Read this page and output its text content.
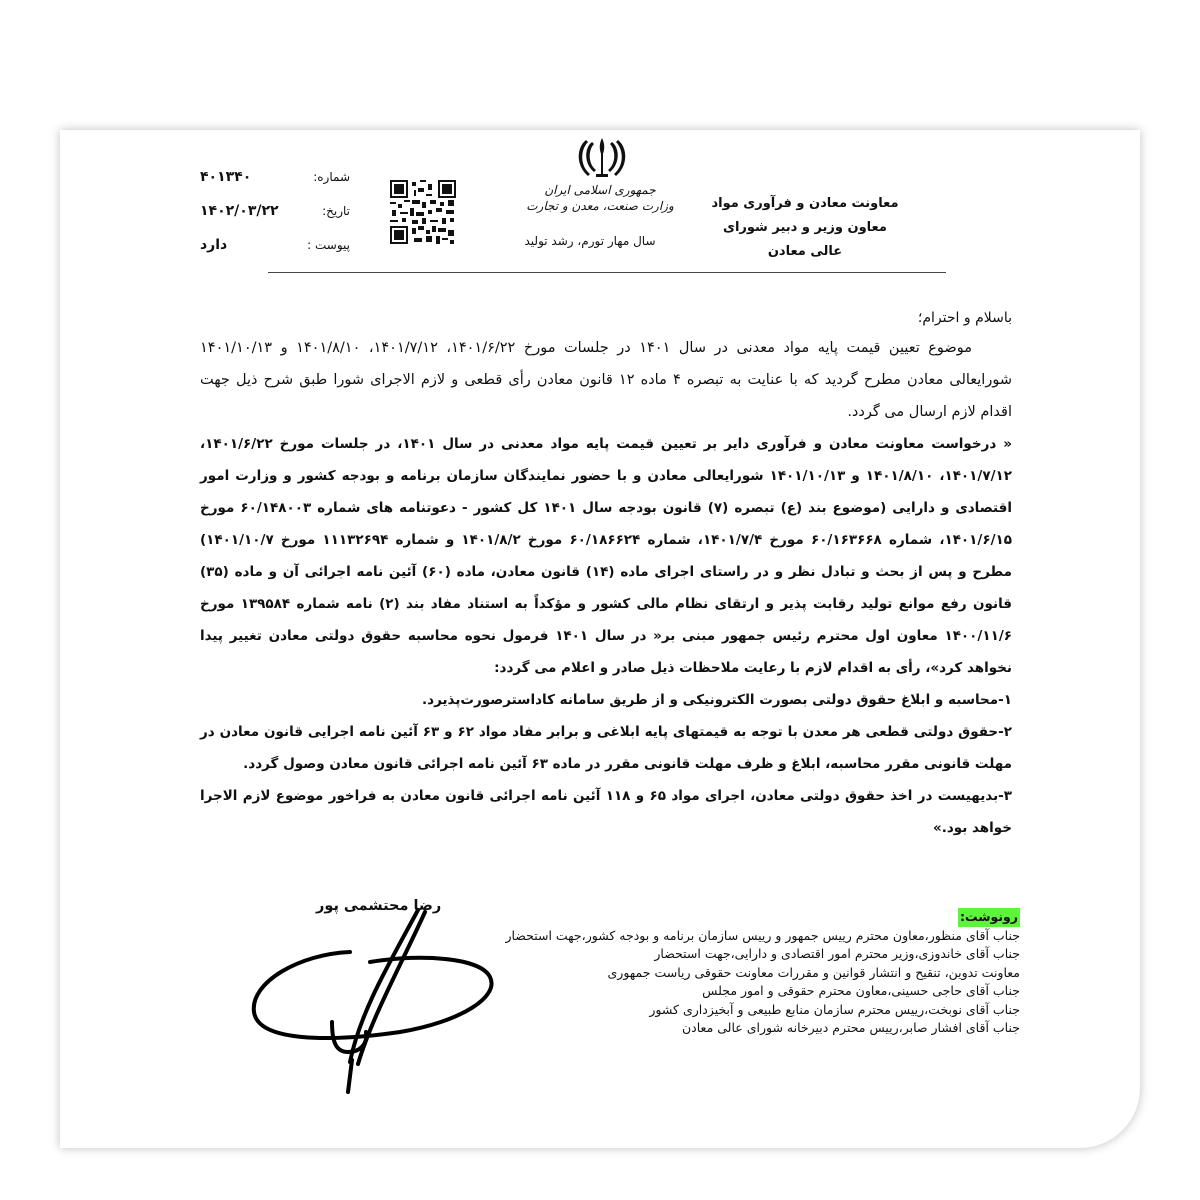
معاونت معادن و فرآوری مواد
معاون وزیر و دبیر شورای عالی معادن
جمهوری اسلامی ایران
وزارت صنعت، معدن و تجارت
سال مهار تورم، رشد تولید
شماره:
۴۰۱۳۴۰
تاریخ:
۱۴۰۲/۰۳/۲۲
پیوست :
دارد
باسلام و احترام؛
موضوع تعیین قیمت پایه مواد معدنی در سال ۱۴۰۱ در جلسات مورخ ۱۴۰۱/۶/۲۲، ۱۴۰۱/۷/۱۲، ۱۴۰۱/۸/۱۰ و ۱۴۰۱/۱۰/۱۳ شورایعالی معادن مطرح گردید که با عنایت به تبصره ۴ ماده ۱۲ قانون معادن رأی قطعی و لازم الاجرای شورا طبق شرح ذیل جهت اقدام لازم ارسال می گردد.
« درخواست معاونت معادن و فرآوری دایر بر تعیین قیمت پایه مواد معدنی در سال ۱۴۰۱، در جلسات مورخ ۱۴۰۱/۶/۲۲، ۱۴۰۱/۷/۱۲، ۱۴۰۱/۸/۱۰ و ۱۴۰۱/۱۰/۱۳ شورایعالی معادن و با حضور نمایندگان سازمان برنامه و بودجه کشور و وزارت امور اقتصادی و دارایی (موضوع بند (ع) تبصره (۷) قانون بودجه سال ۱۴۰۱ کل کشور - دعوتنامه های شماره ۶۰/۱۴۸۰۰۳ مورخ ۱۴۰۱/۶/۱۵، شماره ۶۰/۱۶۳۶۶۸ مورخ ۱۴۰۱/۷/۴، شماره ۶۰/۱۸۶۶۲۴ مورخ ۱۴۰۱/۸/۲ و شماره ۱۱۱۳۲۶۹۴ مورخ ۱۴۰۱/۱۰/۷) مطرح و پس از بحث و تبادل نظر و در راستای اجرای ماده (۱۴) قانون معادن، ماده (۶۰) آئین نامه اجرائی آن و ماده (۳۵) قانون رفع موانع تولید رقابت پذیر و ارتقای نظام مالی کشور و مؤکداً به استناد مفاد بند (۲) نامه شماره ۱۳۹۵۸۴ مورخ ۱۴۰۰/۱۱/۶ معاون اول محترم رئیس جمهور مبنی بر« در سال ۱۴۰۱ فرمول نحوه محاسبه حقوق دولتی معادن تغییر پیدا نخواهد کرد»، رأی به اقدام لازم با رعایت ملاحظات ذیل صادر و اعلام می گردد:
۱-محاسبه و ابلاغ حقوق دولتی بصورت الکترونیکی و از طریق سامانه کاداسترصورت‌پذیرد.
۲-حقوق دولتی قطعی هر معدن با توجه به قیمتهای پایه ابلاغی و برابر مفاد مواد ۶۲ و ۶۳ آئین نامه اجرایی قانون معادن در مهلت قانونی مقرر محاسبه، ابلاغ و ظرف مهلت قانونی مقرر در ماده ۶۳ آئین نامه اجرائی قانون معادن وصول گردد.
۳-بدیهیست در اخذ حقوق دولتی معادن، اجرای مواد ۶۵ و ۱۱۸ آئین نامه اجرائی قانون معادن به فراخور موضوع لازم الاجرا خواهد بود.»
رضا محتشمی پور
رونوشت:
جناب آقای منظور،معاون محترم رییس جمهور و رییس سازمان برنامه و بودجه کشور،جهت استحضار
جناب آقای خاندوزی،وزیر محترم امور اقتصادی و دارایی،جهت استحضار
معاونت تدوین، تنقیح و انتشار قوانین و مقررات معاونت حقوقی ریاست جمهوری
جناب آقای حاجی حسینی،معاون محترم حقوقی و امور مجلس
جناب آقای نوبخت،رییس محترم سازمان منابع طبیعی و آبخیزداری کشور
جناب آقای افشار صابر،رییس محترم دبیرخانه شورای عالی معادن
